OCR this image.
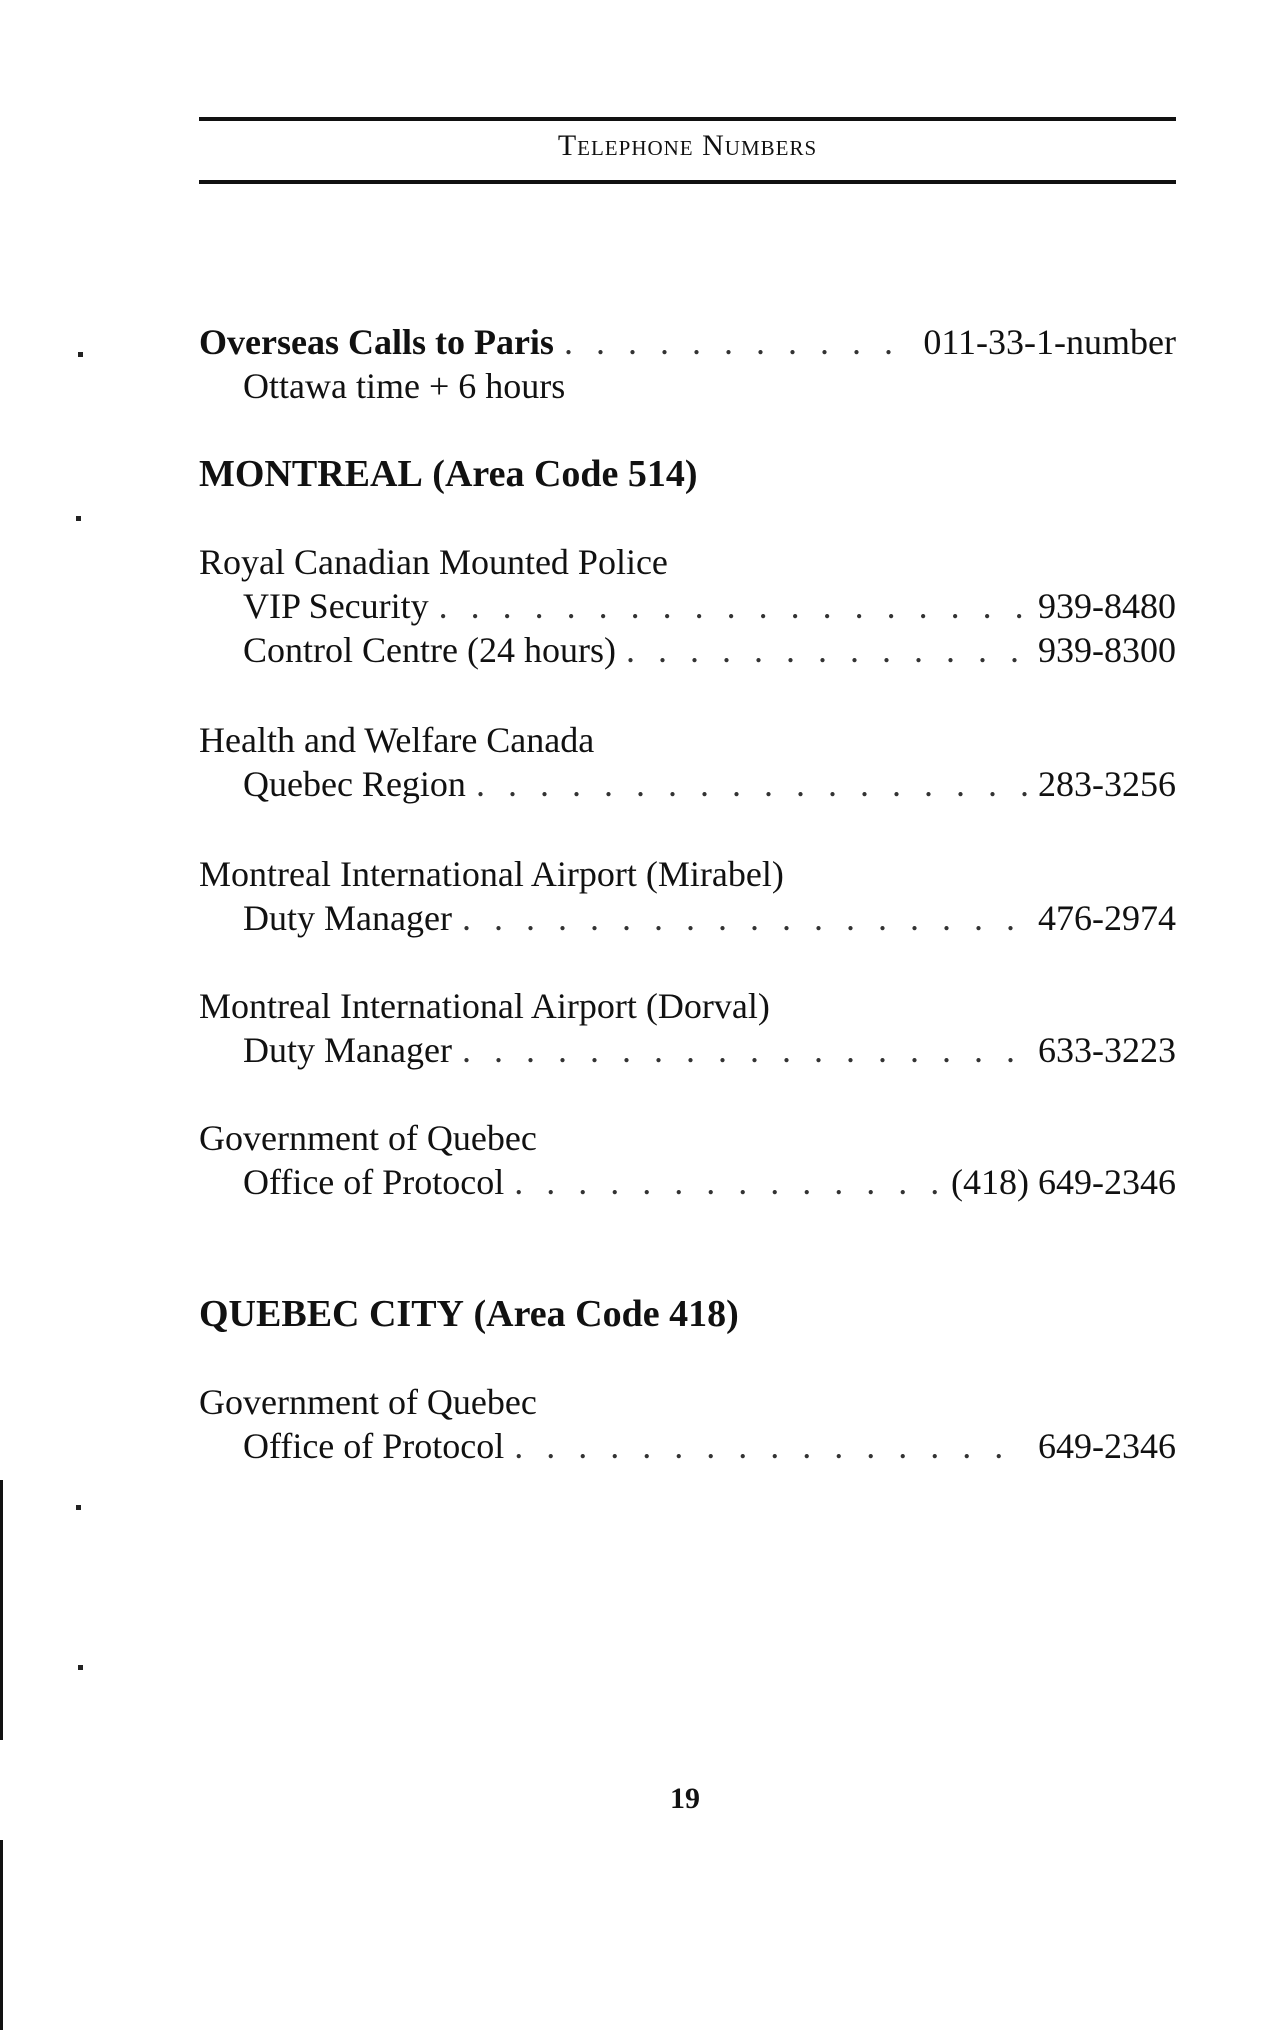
Telephone Numbers
Overseas Calls to Paris . . .	011-33-1-number
Ottawa time + 6 hours
MONTREAL (Area Code 514)
Royal Canadian Mounted Police
VIP Security . . .	939-8480
Control Centre (24 hours) . . .	939-8300
Health and Welfare Canada
Quebec Region . . .	283-3256
Montreal International Airport (Mirabel)
Duty Manager . . .	476-2974
Montreal International Airport (Dorval)
Duty Manager . . .	633-3223
Government of Quebec
Office of Protocol . . .	(418) 649-2346
QUEBEC CITY (Area Code 418)
Government of Quebec
Office of Protocol . . .	649-2346
19
